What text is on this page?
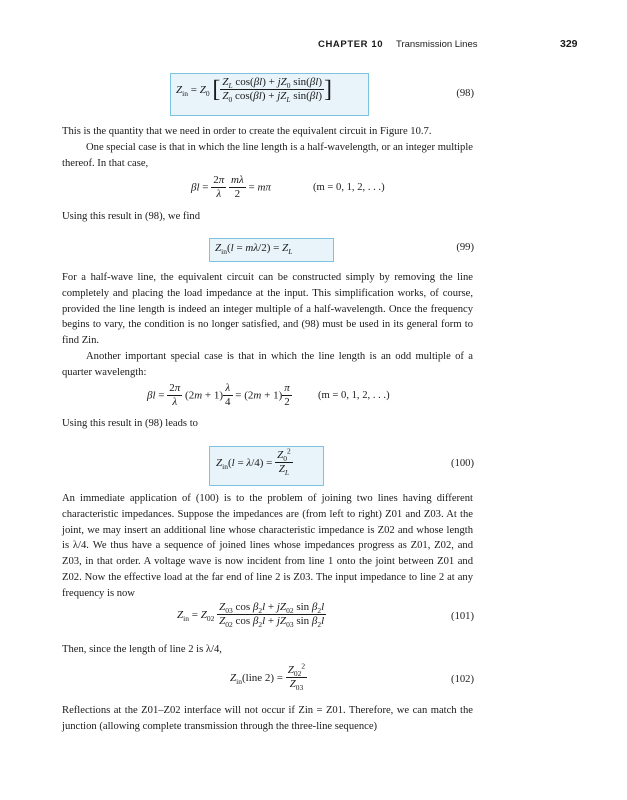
CHAPTER 10 Transmission Lines	329
$Z_{in} = Z_0$ [ $\frac{Z_L \cos(\beta l) + jZ_0 \sin(\beta l)}{Z_0 \cos(\beta l) + jZ_L \sin(\beta l)}$ ]	(98)

This is the quantity that we need in order to create the equivalent circuit in Figure 10.7.

One special case is that in which the line length is a half-wavelength, or an integer multiple thereof. In that case,

$\beta l = \frac{2\pi}{\lambda}$
$\frac{m\lambda}{2} = m\pi$	(m = 0, 1, 2, . . .)
Using this result in (98), we find
$Z_{in}(l = m\lambda/2) = Z_L$	(99)

For a half-wave line, the equivalent circuit can be constructed simply by removing the line completely and placing the load impedance at the input. This simplification works, of course, provided the line length is indeed an integer multiple of a half-wavelength. Once the frequency begins to vary, the condition is no longer satisfied, and (98) must be used in its general form to find Zin.

Another important special case is that in which the line length is an odd multiple of a quarter wavelength:

$\beta l = \frac{2\pi}{\lambda} (2m + 1) \frac{\lambda}{4} = (2m + 1) \frac{\pi}{2} (m = 0$, 1, 2, . . .)
Using this result in (98) leads to
$Z_{in}(l = \lambda/4) = \frac{Z_0^2}{Z_L}$	(100)
An immediate application of (100) is to the problem of joining two lines having different characteristic impedances. Suppose the impedances are (from left to right) Z01 and Z03. At the joint, we may insert an additional line whose characteristic impedance is Z02 and whose length is λ/4. We thus have a sequence of joined lines whose impedances progress as Z01, Z02, and Z03, in that order. A voltage wave is now incident from line 1 onto the joint between Z01 and Z02. Now the effective load at the far end of line 2 is Z03. The input impedance to line 2 at any frequency is now
$Z_{in} = Z_{02} \frac{Z_{03} \cos \beta_2l + jZ_{02} \sin \beta_2l}{Z_{02} \cos \beta_2l + jZ_{03} \sin \beta_2l}$	(101)
Then, since the length of line 2 is λ/4,
$Z_{in}(line$ $2) = \frac{Z_{02}^2}{Z_{03}}$	(102)
Reflections at the Z01–Z02 interface will not occur if Zin = Z01. Therefore, we can match the junction (allowing complete transmission through the three-line sequence)
